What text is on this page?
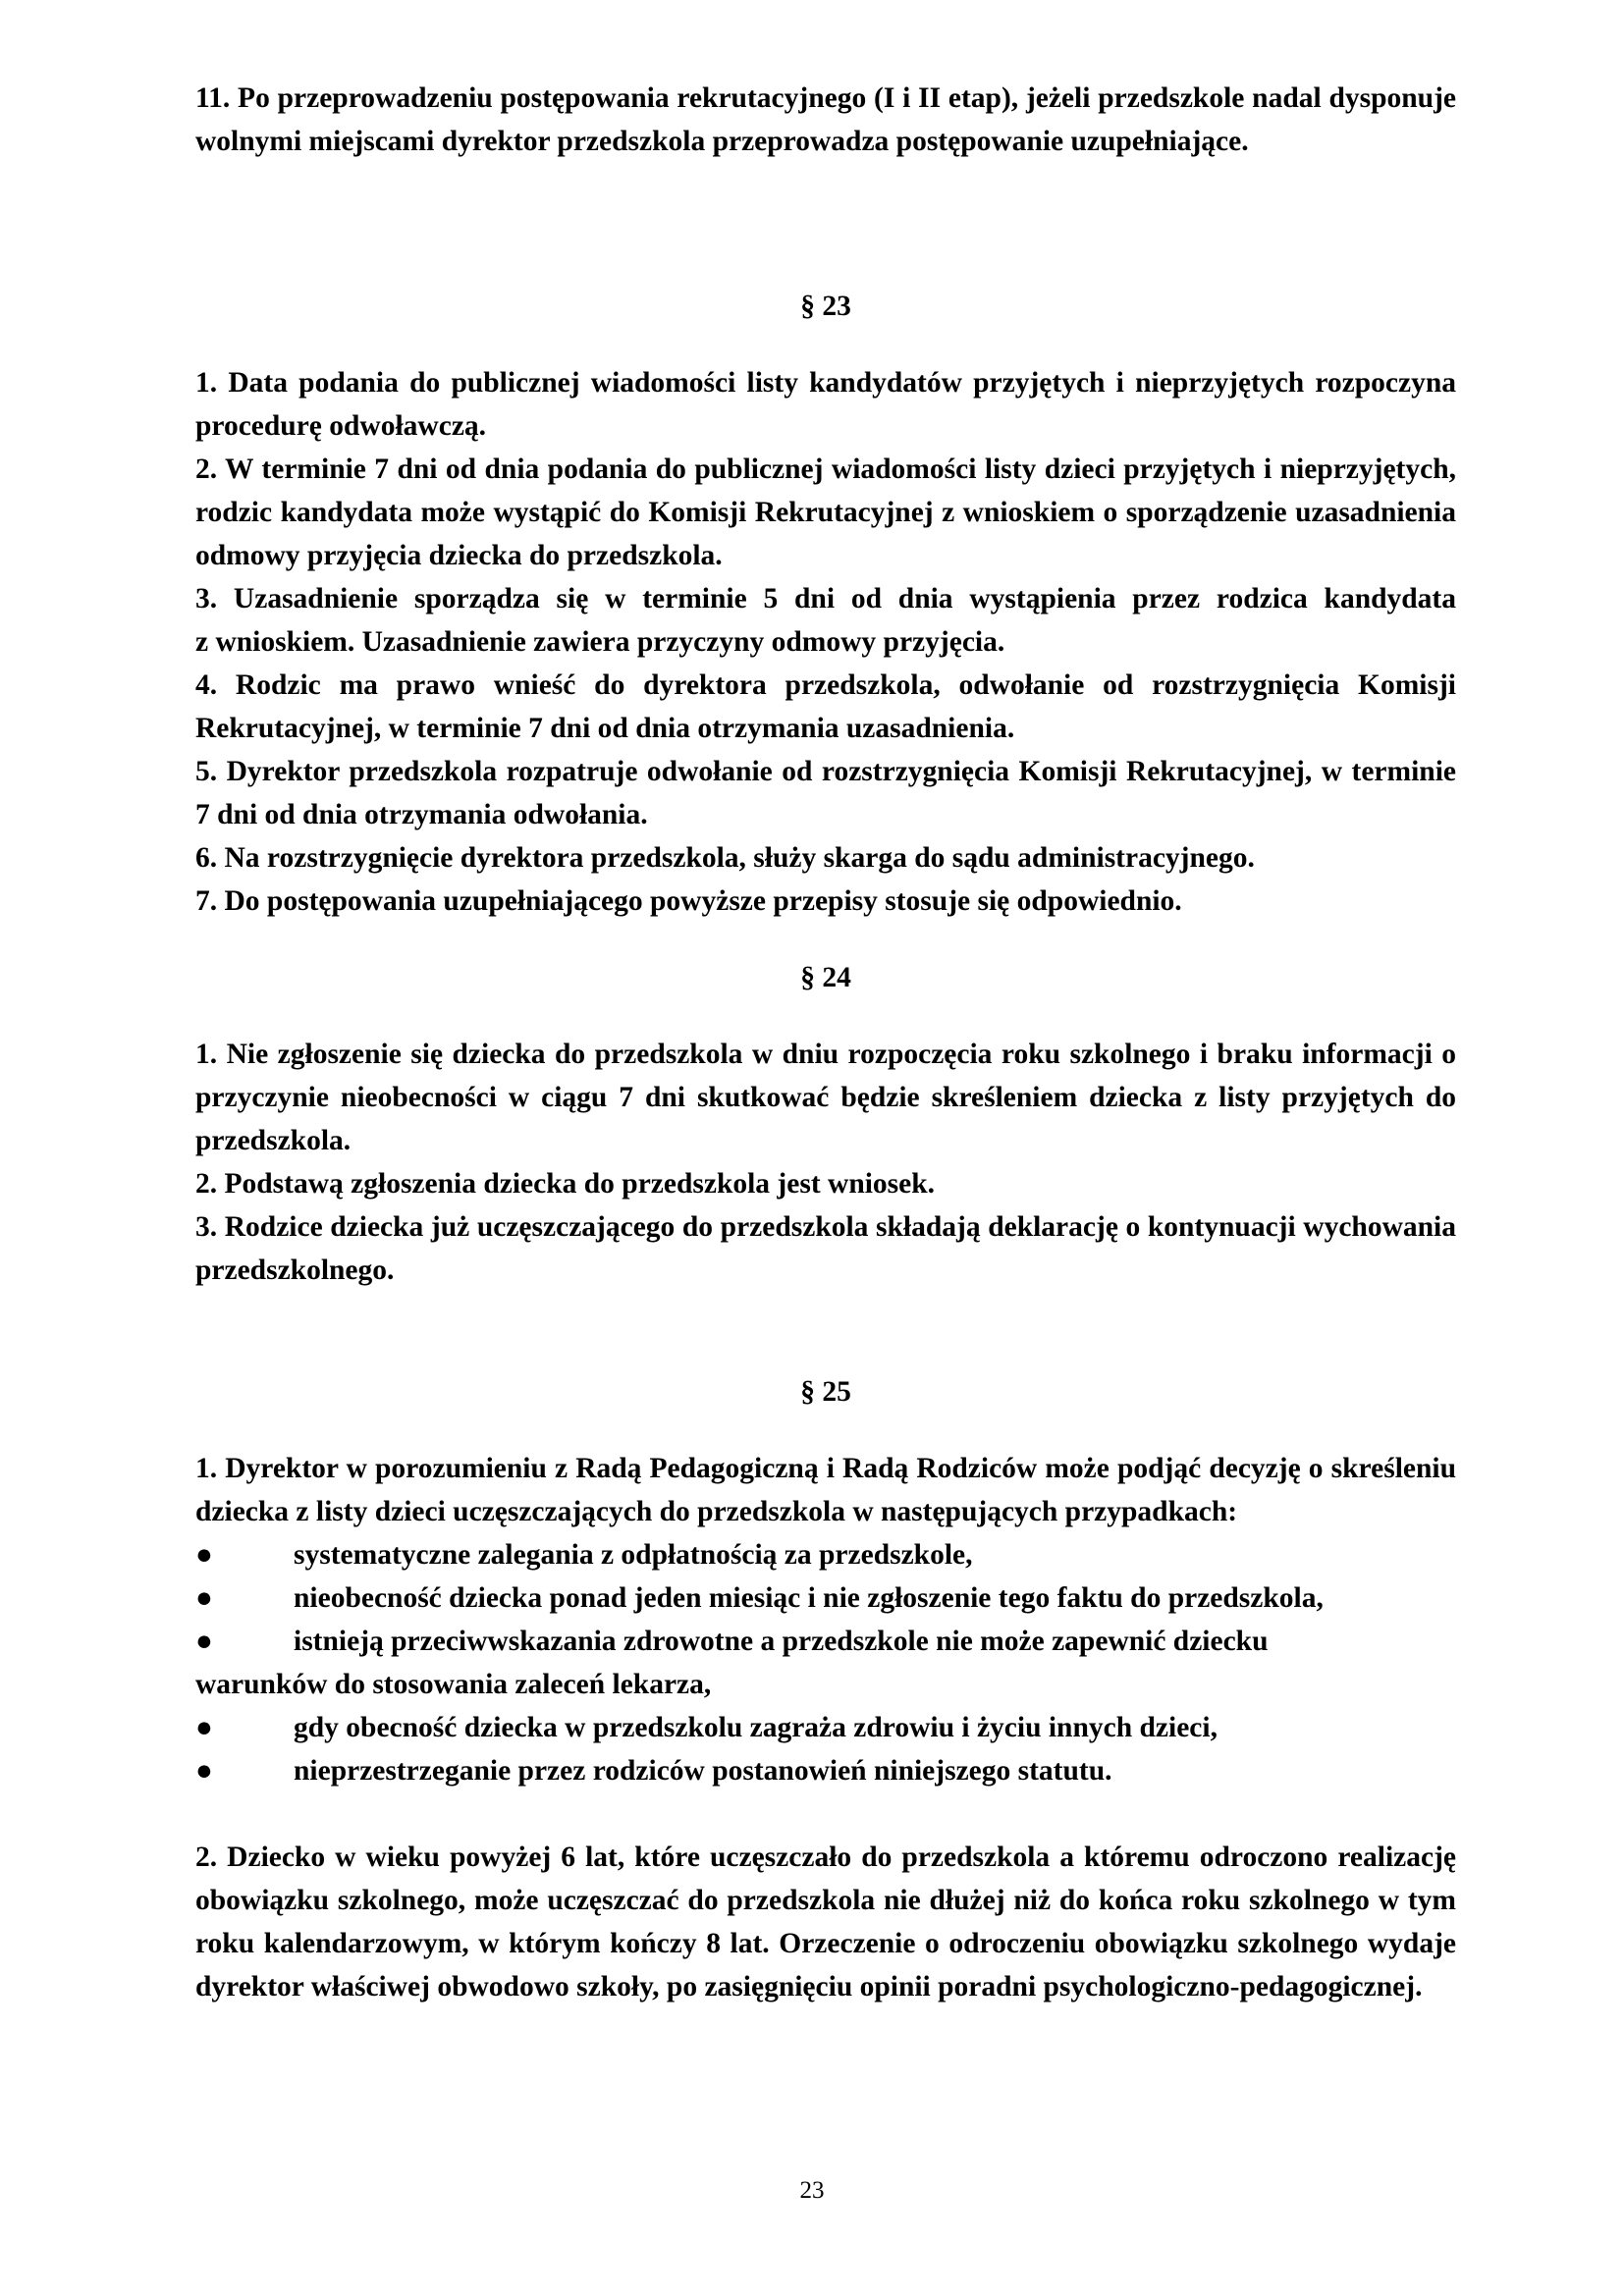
11. Po przeprowadzeniu postępowania rekrutacyjnego (I i II etap), jeżeli przedszkole nadal dysponuje wolnymi miejscami dyrektor przedszkola przeprowadza postępowanie uzupełniające.

§ 23

1. Data podania do publicznej wiadomości listy kandydatów przyjętych i nieprzyjętych rozpoczyna procedurę odwoławczą.

2. W terminie 7 dni od dnia podania do publicznej wiadomości listy dzieci przyjętych i nieprzyjętych, rodzic kandydata może wystąpić do Komisji Rekrutacyjnej z wnioskiem o sporządzenie uzasadnienia odmowy przyjęcia dziecka do przedszkola.

3. Uzasadnienie sporządza się w terminie 5 dni od dnia wystąpienia przez rodzica kandydata

z wnioskiem. Uzasadnienie zawiera przyczyny odmowy przyjęcia.

4. Rodzic ma prawo wnieść do dyrektora przedszkola, odwołanie od rozstrzygnięcia Komisji Rekrutacyjnej, w terminie 7 dni od dnia otrzymania uzasadnienia.

5. Dyrektor przedszkola rozpatruje odwołanie od rozstrzygnięcia Komisji Rekrutacyjnej, w terminie 7 dni od dnia otrzymania odwołania.

6. Na rozstrzygnięcie dyrektora przedszkola, służy skarga do sądu administracyjnego.

7. Do postępowania uzupełniającego powyższe przepisy stosuje się odpowiednio.

§ 24

1. Nie zgłoszenie się dziecka do przedszkola w dniu rozpoczęcia roku szkolnego i braku informacji o przyczynie nieobecności w ciągu 7 dni skutkować będzie skreśleniem dziecka z listy przyjętych do przedszkola.

2. Podstawą zgłoszenia dziecka do przedszkola jest wniosek.

3. Rodzice dziecka już uczęszczającego do przedszkola składają deklarację o kontynuacji wychowania przedszkolnego.

§ 25

1. Dyrektor w porozumieniu z Radą Pedagogiczną i Radą Rodziców może podjąć decyzję o skreśleniu dziecka z listy dzieci uczęszczających do przedszkola w następujących przypadkach:

●	systematyczne zalegania z odpłatnością za przedszkole,
●	nieobecność dziecka ponad jeden miesiąc i nie zgłoszenie tego faktu do przedszkola,
●	istnieją przeciwwskazania zdrowotne a przedszkole nie może zapewnić dziecku

warunków do stosowania zaleceń lekarza,

●	gdy obecność dziecka w przedszkolu zagraża zdrowiu i życiu innych dzieci,
●	nieprzestrzeganie przez rodziców postanowień niniejszego statutu.

2. Dziecko w wieku powyżej 6 lat, które uczęszczało do przedszkola a któremu odroczono realizację obowiązku szkolnego, może uczęszczać do przedszkola nie dłużej niż do końca roku szkolnego w tym roku kalendarzowym, w którym kończy 8 lat. Orzeczenie o odroczeniu obowiązku szkolnego wydaje dyrektor właściwej obwodowo szkoły, po zasięgnięciu opinii poradni psychologiczno-pedagogicznej.

23
